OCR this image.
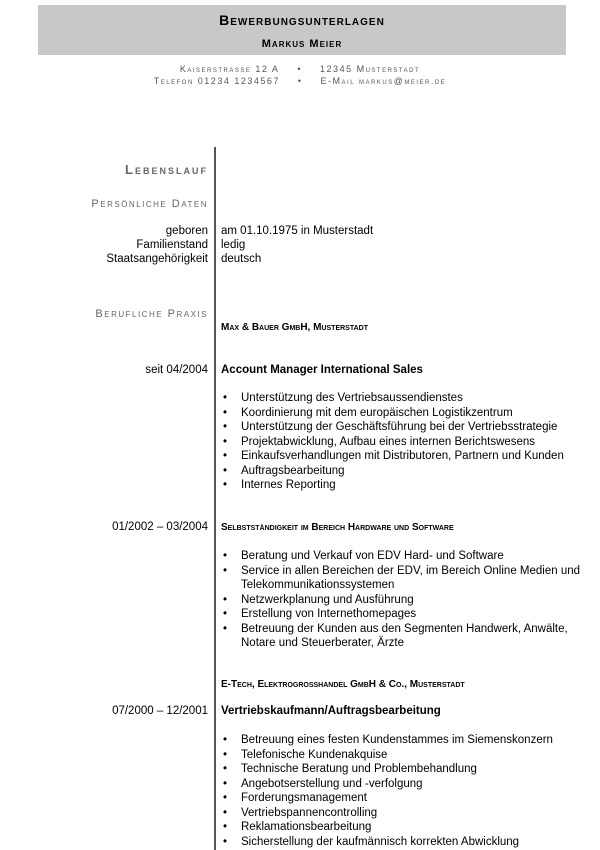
Bewerbungsunterlagen
Markus Meier
Kaiserstrasse 12 A • 12345 Musterstadt
Telefon 01234 1234567 • E-Mail markus@meier.de
Lebenslauf
Persönliche Daten
geboren am 01.10.1975 in Musterstadt
Familienstand ledig
Staatsangehörigkeit deutsch
Berufliche Praxis
Max & Bauer GmbH, Musterstadt
seit 04/2004 Account Manager International Sales
• Unterstützung des Vertriebsaussendienstes
• Koordinierung mit dem europäischen Logistikzentrum
• Unterstützung der Geschäftsführung bei der Vertriebsstrategie
• Projektabwicklung, Aufbau eines internen Berichtswesens
• Einkaufsverhandlungen mit Distributoren, Partnern und Kunden
• Auftragsbearbeitung
• Internes Reporting
01/2002 – 03/2004 Selbstständigkeit im Bereich Hardware und Software
• Beratung und Verkauf von EDV Hard- und Software
• Service in allen Bereichen der EDV, im Bereich Online Medien und Telekommunikationssystemen
• Netzwerkplanung und Ausführung
• Erstellung von Internethomepages
• Betreuung der Kunden aus den Segmenten Handwerk, Anwälte, Notare und Steuerberater, Ärzte
E-Tech, Elektrogroßhandel GmbH & Co., Musterstadt
07/2000 – 12/2001 Vertriebskaufmann/Auftragsbearbeitung
• Betreuung eines festen Kundenstammes im Siemenskonzern
• Telefonische Kundenakquise
• Technische Beratung und Problembehandlung
• Angebotserstellung und -verfolgung
• Forderungsmanagement
• Vertriebspannencontrolling
• Reklamationsbearbeitung
• Sicherstellung der kaufmännisch korrekten Abwicklung
